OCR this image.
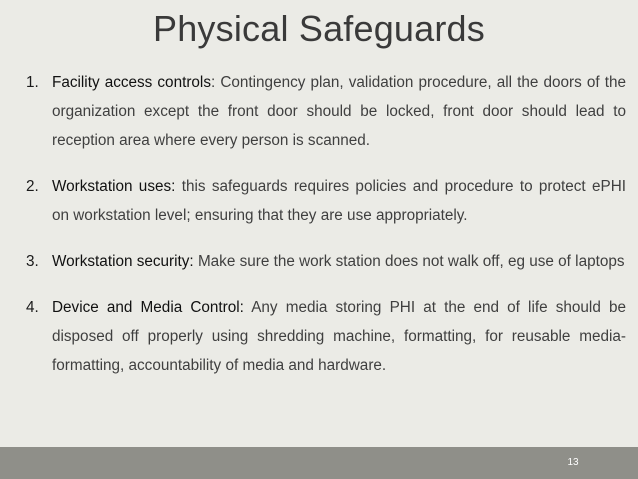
Physical Safeguards
1. Facility access controls: Contingency plan, validation procedure, all the doors of the organization except the front door should be locked, front door should lead to reception area where every person is scanned.
2. Workstation uses: this safeguards requires policies and procedure to protect ePHI on workstation level; ensuring that they are use appropriately.
3. Workstation security: Make sure the work station does not walk off, eg use of laptops
4. Device and Media Control: Any media storing PHI at the end of life should be disposed off properly using shredding machine, formatting, for reusable media-formatting, accountability of media and hardware.
13
